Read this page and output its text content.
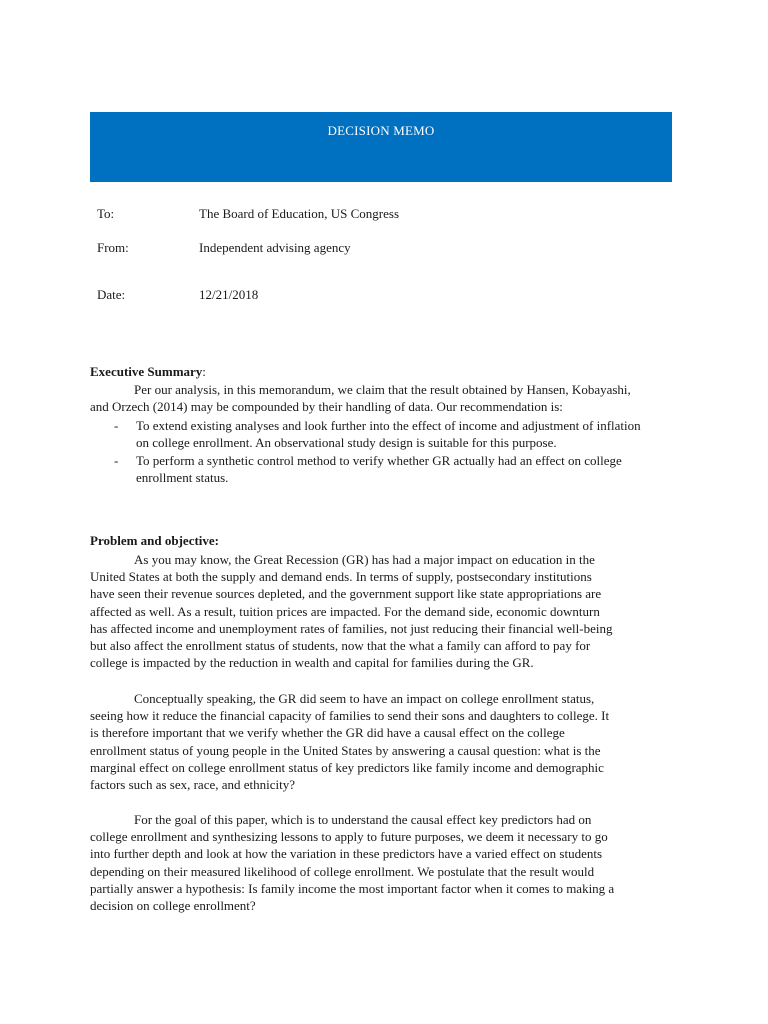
DECISION MEMO
To:	The Board of Education, US Congress
From:	Independent advising agency
Date:	12/21/2018
Executive Summary:

Per our analysis, in this memorandum, we claim that the result obtained by Hansen, Kobayashi,
and Orzech (2014) may be compounded by their handling of data. Our recommendation is:

- To extend existing analyses and look further into the effect of income and adjustment of inflation
on college enrollment. An observational study design is suitable for this purpose.

- To perform a synthetic control method to verify whether GR actually had an effect on college
enrollment status.

Problem and objective:

As you may know, the Great Recession (GR) has had a major impact on education in the
United States at both the supply and demand ends. In terms of supply, postsecondary institutions
have seen their revenue sources depleted, and the government support like state appropriations are
affected as well. As a result, tuition prices are impacted. For the demand side, economic downturn
has affected income and unemployment rates of families, not just reducing their financial well-being
but also affect the enrollment status of students, now that the what a family can afford to pay for
college is impacted by the reduction in wealth and capital for families during the GR.

Conceptually speaking, the GR did seem to have an impact on college enrollment status,
seeing how it reduce the financial capacity of families to send their sons and daughters to college. It
is therefore important that we verify whether the GR did have a causal effect on the college
enrollment status of young people in the United States by answering a causal question: what is the
marginal effect on college enrollment status of key predictors like family income and demographic
factors such as sex, race, and ethnicity?

For the goal of this paper, which is to understand the causal effect key predictors had on
college enrollment and synthesizing lessons to apply to future purposes, we deem it necessary to go
into further depth and look at how the variation in these predictors have a varied effect on students
depending on their measured likelihood of college enrollment. We postulate that the result would
partially answer a hypothesis: Is family income the most important factor when it comes to making a
decision on college enrollment?
